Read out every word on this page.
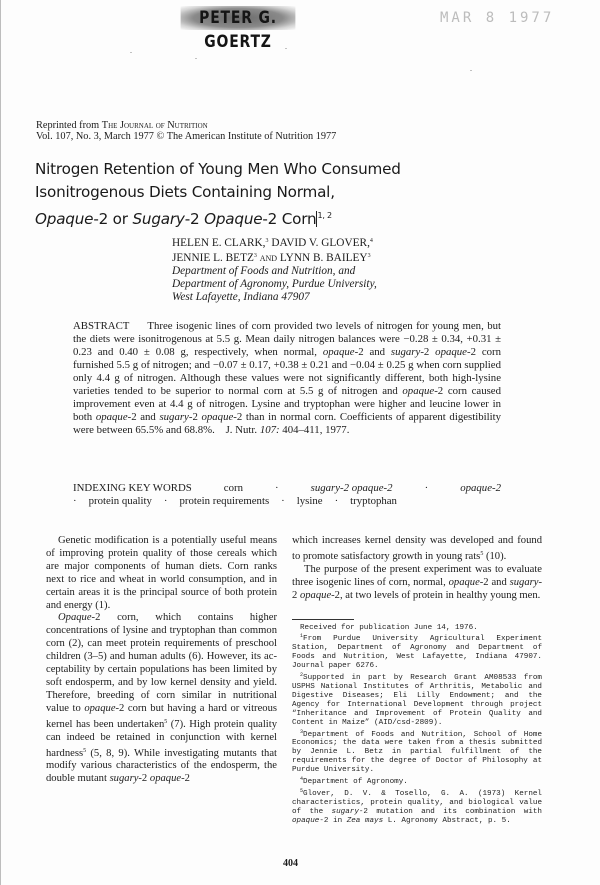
PETER G. GOERTZ
MAR 8 1977
Reprinted from The Journal of Nutrition
Vol. 107, No. 3, March 1977 © The American Institute of Nutrition 1977
Nitrogen Retention of Young Men Who Consumed
Isonitrogenous Diets Containing Normal,
Opaque-2 or Sugary-2 Opaque-2 Corn$^{1, 2}$
HELEN E. CLARK,$^3$ DAVID V. GLOVER,$^4$
JENNIE L. BETZ$^3$ and LYNN B. BAILEY$^3$
Department of Foods and Nutrition, and
Department of Agronomy, Purdue University,
West Lafayette, Indiana 47907
ABSTRACT Three isogenic lines of corn provided two levels of nitrogen for young men, but the diets were isonitrogenous at 5.5 g. Mean daily nitrogen balances were −0.28 ± 0.34, +0.31 ± 0.23 and 0.40 ± 0.08 g, respectively, when normal, opaque-2 and sugary-2 opaque-2 corn furnished 5.5 g of nitrogen; and −0.07 ± 0.17, +0.38 ± 0.21 and −0.04 ± 0.25 g when corn supplied only 4.4 g of nitrogen. Although these values were not significantly different, both high-lysine varieties tended to be superior to normal corn at 5.5 g of nitrogen and opaque-2 corn caused improvement even at 4.4 g of nitrogen. Lysine and tryptophan were higher and leucine lower in both opaque-2 and sugary-2 opaque-2 than in normal corn. Coefficients of apparent digestibility were between 65.5% and 68.8%. J. Nutr. 107: 404–411, 1977.
INDEXING KEY WORDS	corn	·	sugary-2 opaque-2	·	opaque-2
· protein quality · protein requirements · lysine · tryptophan

Genetic modification is a potentially useful means of improving protein quality of those cereals which are major components of human diets. Corn ranks next to rice and wheat in world consumption, and in certain areas it is the principal source of both protein and energy (1).

Opaque-2 corn, which contains higher concentrations of lysine and tryptophan than common corn (2), can meet protein requirements of preschool children (3–5) and human adults (6). However, its acceptability by certain populations has been limited by soft endosperm, and by low kernel density and yield. Therefore, breeding of corn similar in nutritional value to opaque-2 corn but having a hard or vitreous kernel has been undertaken$^5$ (7). High protein quality can indeed be retained in conjunction with kernel hardness$^5$ (5, 8, 9). While investigating mutants that modify various characteristics of the endosperm, the double mutant sugary-2 opaque-2

which increases kernel density was developed and found to promote satisfactory growth in young rats$^5$ (10).

The purpose of the present experiment was to evaluate three isogenic lines of corn, normal, opaque-2 and sugary-2 opaque-2, at two levels of protein in healthy young men.

Received for publication June 14, 1976.

$^1$From Purdue University Agricultural Experiment Station, Department of Agronomy and Department of Foods and Nutrition, West Lafayette, Indiana 47907. Journal paper 6276.

$^2$Supported in part by Research Grant AM08533 from USPHS National Institutes of Arthritis, Metabolic and Digestive Diseases; Eli Lilly Endowment; and the Agency for International Development through project “Inheritance and Improvement of Protein Quality and Content in Maize” (AID/csd-2809).

$^3$Department of Foods and Nutrition, School of Home Economics; the data were taken from a thesis submitted by Jennie L. Betz in partial fulfillment of the requirements for the degree of Doctor of Philosophy at Purdue University.

$^4$Department of Agronomy.

$^5$Glover, D. V. & Tosello, G. A. (1973) Kernel characteristics, protein quality, and biological value of the sugary-2 mutation and its combination with opaque-2 in Zea mays L. Agronomy Abstract, p. 5.

404
